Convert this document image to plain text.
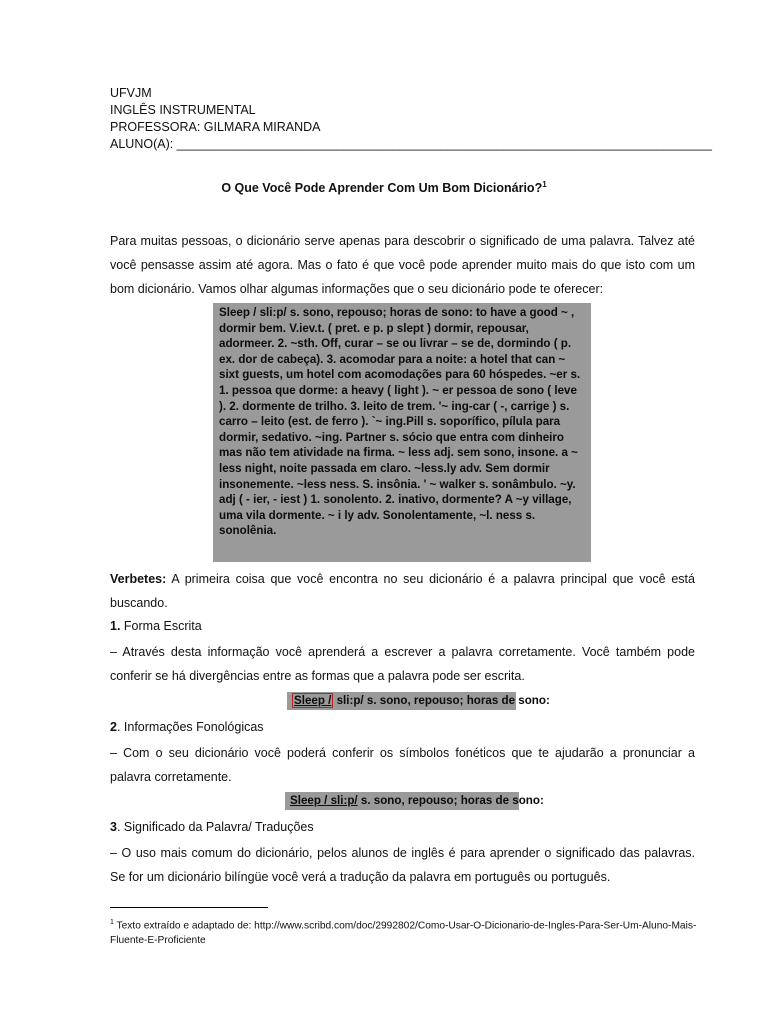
UFVJM
INGLÊS INSTRUMENTAL
PROFESSORA: GILMARA MIRANDA
ALUNO(A): _____________________________________________________________________________
O Que Você Pode Aprender Com Um Bom Dicionário?$^1$
Para muitas pessoas, o dicionário serve apenas para descobrir o significado de uma palavra. Talvez até você pensasse assim até agora. Mas o fato é que você pode aprender muito mais do que isto com um bom dicionário. Vamos olhar algumas informações que o seu dicionário pode te oferecer:
Sleep / sli:p/ s. sono, repouso; horas de sono: to have a good ~ ,
dormir bem. V.iev.t. ( pret. e p. p slept ) dormir, repousar,
adormeer. 2. ~sth. Off, curar – se ou livrar – se de, dormindo ( p.
ex. dor de cabeça). 3. acomodar para a noite: a hotel that can ~
sixt guests, um hotel com acomodações para 60 hóspedes. ~er s.
1. pessoa que dorme: a heavy ( light ). ~ er pessoa de sono ( leve
). 2. dormente de trilho. 3. leito de trem. '~ ing-car ( -, carrige ) s.
carro – leito (est. de ferro ). `~ ing.Pill s. soporífico, pílula para
dormir, sedativo. ~ing. Partner s. sócio que entra com dinheiro
mas não tem atividade na firma. ~ less adj. sem sono, insone. a ~
less night, noite passada em claro. ~less.ly adv. Sem dormir
insonemente. ~less ness. S. insônia. ' ~ walker s. sonâmbulo. ~y.
adj ( - ier, - iest ) 1. sonolento. 2. inativo, dormente? A ~y village,
uma vila dormente. ~ i ly adv. Sonolentamente, ~l. ness s.
sonolênia.
Verbetes: A primeira coisa que você encontra no seu dicionário é a palavra principal que você está buscando.
1. Forma Escrita
– Através desta informação você aprenderá a escrever a palavra corretamente. Você também pode conferir se há divergências entre as formas que a palavra pode ser escrita.
Sleep / sli:p/ s. sono, repouso; horas de sono:
2. Informações Fonológicas
– Com o seu dicionário você poderá conferir os símbolos fonéticos que te ajudarão a pronunciar a palavra corretamente.
Sleep / sli:p/ s. sono, repouso; horas de sono:
3. Significado da Palavra/ Traduções
– O uso mais comum do dicionário, pelos alunos de inglês é para aprender o significado das palavras. Se for um dicionário bilíngüe você verá a tradução da palavra em português ou português.
$^1$ Texto extraído e adaptado de: http://www.scribd.com/doc/2992802/Como-Usar-O-Dicionario-de-Ingles-Para-Ser-Um-Aluno-Mais-Fluente-E-Proficiente
